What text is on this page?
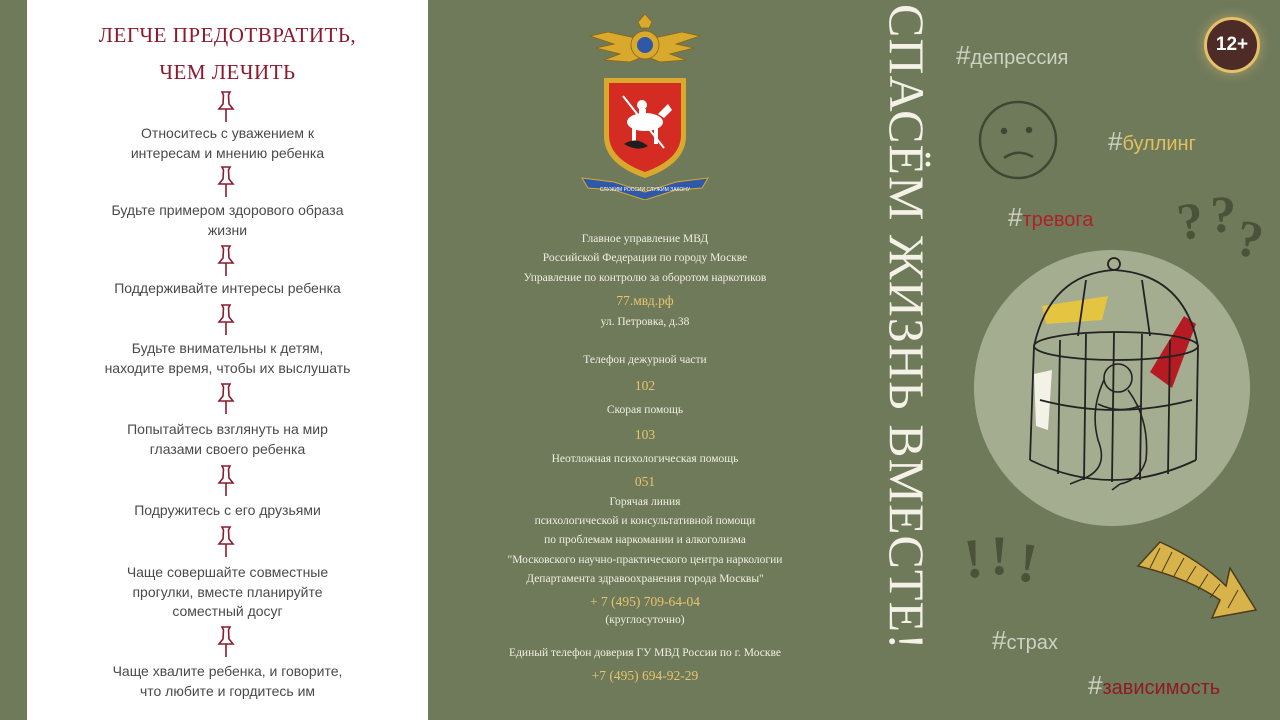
ЛЕГЧЕ ПРЕДОТВРАТИТЬ,
ЧЕМ ЛЕЧИТЬ
Относитесь с уважением к
интересам и мнению ребенка
Будьте примером здорового образа
жизни
Поддерживайте интересы ребенка
Будьте внимательны к детям,
находите время, чтобы их выслушать
Попытайтесь взглянуть на мир
глазами своего ребенка
Подружитесь с его друзьями
Чаще совершайте совместные
прогулки, вместе планируйте
соместный досуг
Чаще хвалите ребенка, и говорите,
что любите и гордитесь им
СЛУЖИМ РОССИИ СЛУЖИМ ЗАКОНУ
Главное управление МВД
Российской Федерации по городу Москве
Управление по контролю за оборотом наркотиков
77.мвд.рф
ул. Петровка, д.38
Телефон дежурной части
102
Скорая помощь
103
Неотложная психологическая помощь
051
Горячая линия
психологической и консультативной помощи
по проблемам наркомании и алкоголизма
"Московского научно-практического центра наркологии
Департамента здравоохранения города Москвы"
+ 7 (495) 709-64-04
(круглосуточно)
Единый телефон доверия ГУ МВД России по г. Москве
+7 (495) 694-92-29
СПАСЁМ ЖИЗНЬ ВМЕСТЕ!	? ?
?
! ! !
#депрессия
#буллинг
#тревога
#страх
#зависимость
12+
